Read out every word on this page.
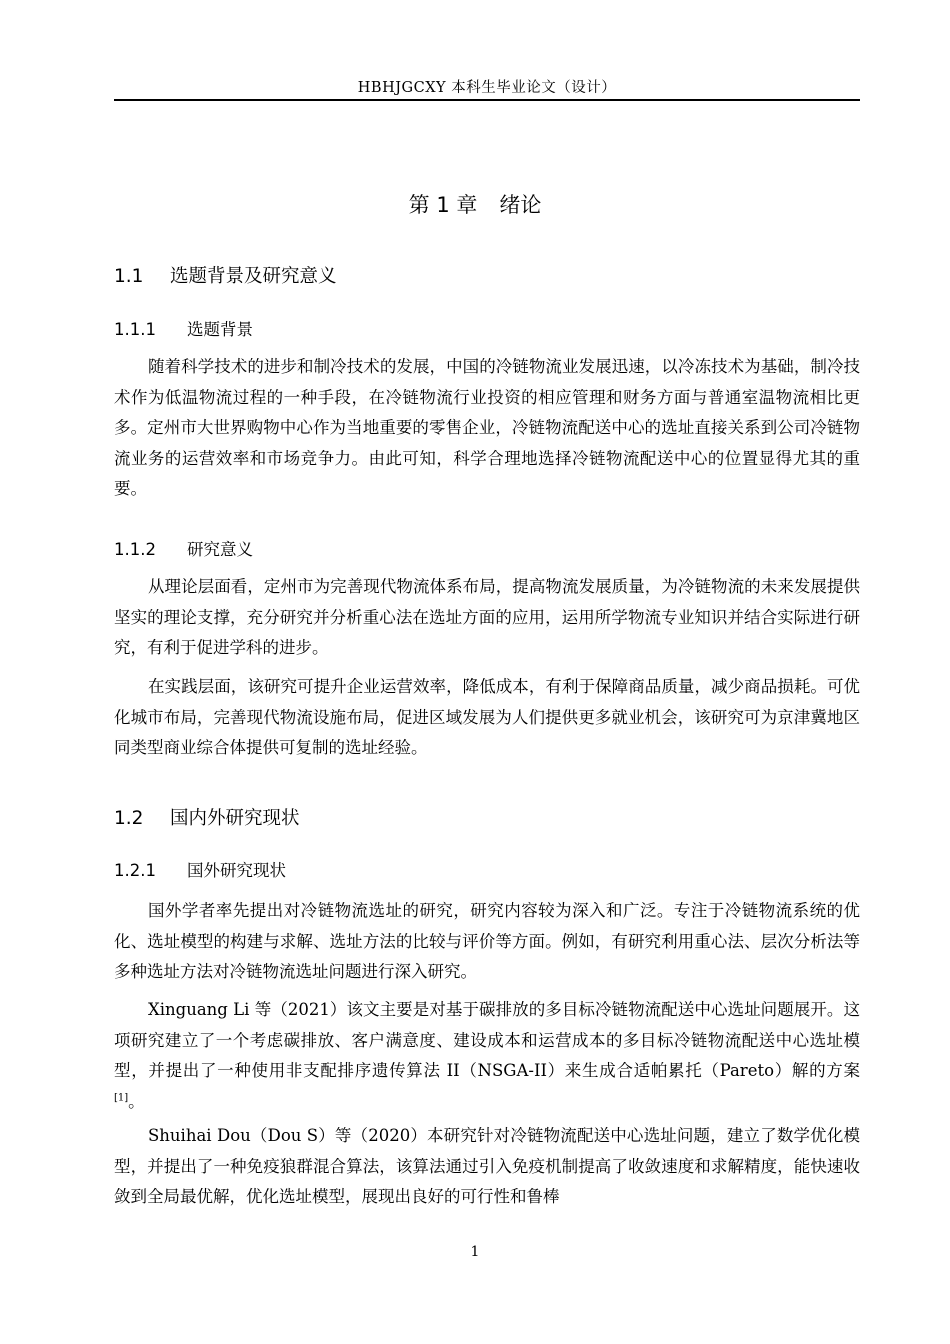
HBHJGCXY 本科生毕业论文（设计）
第 1 章 绪论
1.1 选题背景及研究意义
1.1.1 选题背景
随着科学技术的进步和制冷技术的发展，中国的冷链物流业发展迅速，以冷冻技术为基础，制冷技术作为低温物流过程的一种手段，在冷链物流行业投资的相应管理和财务方面与普通室温物流相比更多。定州市大世界购物中心作为当地重要的零售企业，冷链物流配送中心的选址直接关系到公司冷链物流业务的运营效率和市场竞争力。由此可知，科学合理地选择冷链物流配送中心的位置显得尤其的重要。
1.1.2 研究意义
从理论层面看，定州市为完善现代物流体系布局，提高物流发展质量，为冷链物流的未来发展提供坚实的理论支撑，充分研究并分析重心法在选址方面的应用，运用所学物流专业知识并结合实际进行研究，有利于促进学科的进步。
在实践层面，该研究可提升企业运营效率，降低成本，有利于保障商品质量，减少商品损耗。可优化城市布局，完善现代物流设施布局，促进区域发展为人们提供更多就业机会，该研究可为京津冀地区同类型商业综合体提供可复制的选址经验。
1.2 国内外研究现状
1.2.1 国外研究现状
国外学者率先提出对冷链物流选址的研究，研究内容较为深入和广泛。专注于冷链物流系统的优化、选址模型的构建与求解、选址方法的比较与评价等方面。例如，有研究利用重心法、层次分析法等多种选址方法对冷链物流选址问题进行深入研究。
Xinguang Li 等（2021）该文主要是对基于碳排放的多目标冷链物流配送中心选址问题展开。这项研究建立了一个考虑碳排放、客户满意度、建设成本和运营成本的多目标冷链物流配送中心选址模型，并提出了一种使用非支配排序遗传算法 II（NSGA-II）来生成合适帕累托（Pareto）解的方案[1]。
Shuihai Dou（Dou S）等（2020）本研究针对冷链物流配送中心选址问题，建立了数学优化模型，并提出了一种免疫狼群混合算法，该算法通过引入免疫机制提高了收敛速度和求解精度，能快速收敛到全局最优解，优化选址模型，展现出良好的可行性和鲁棒
1
